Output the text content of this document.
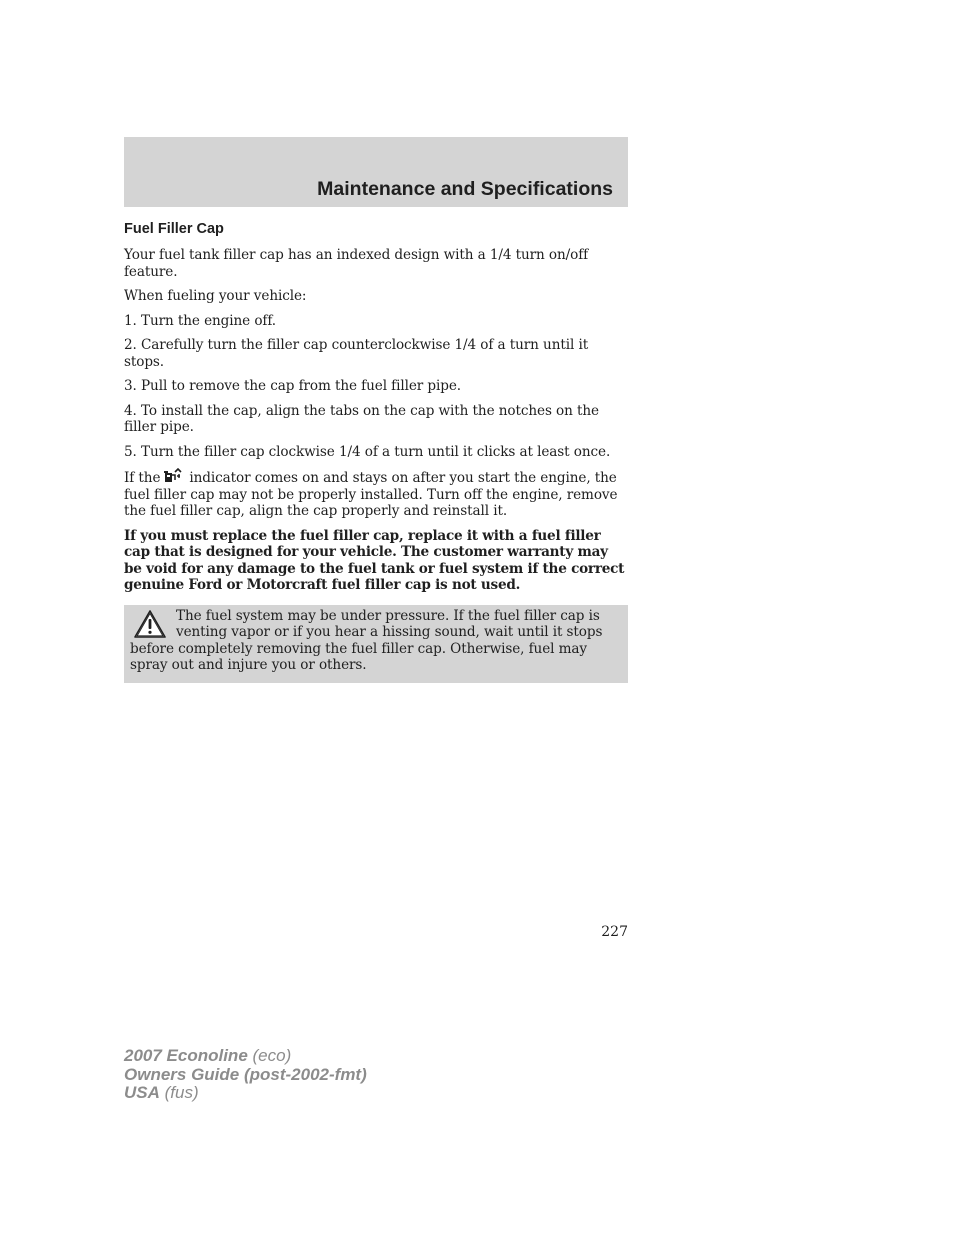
Maintenance and Specifications
Fuel Filler Cap

Your fuel tank filler cap has an indexed design with a 1/4 turn on/off feature.

When fueling your vehicle:

1. Turn the engine off.

2. Carefully turn the filler cap counterclockwise 1/4 of a turn until it stops.

3. Pull to remove the cap from the fuel filler pipe.

4. To install the cap, align the tabs on the cap with the notches on the filler pipe.

5. Turn the filler cap clockwise 1/4 of a turn until it clicks at least once.

If the indicator comes on and stays on after you start the engine, the fuel filler cap may not be properly installed. Turn off the engine, remove the fuel filler cap, align the cap properly and reinstall it.

If you must replace the fuel filler cap, replace it with a fuel filler cap that is designed for your vehicle. The customer warranty may be void for any damage to the fuel tank or fuel system if the correct genuine Ford or Motorcraft fuel filler cap is not used.

The fuel system may be under pressure. If the fuel filler cap is venting vapor or if you hear a hissing sound, wait until it stops before completely removing the fuel filler cap. Otherwise, fuel may spray out and injure you or others.

227
2007 Econoline (eco)
Owners Guide (post-2002-fmt)
USA (fus)
